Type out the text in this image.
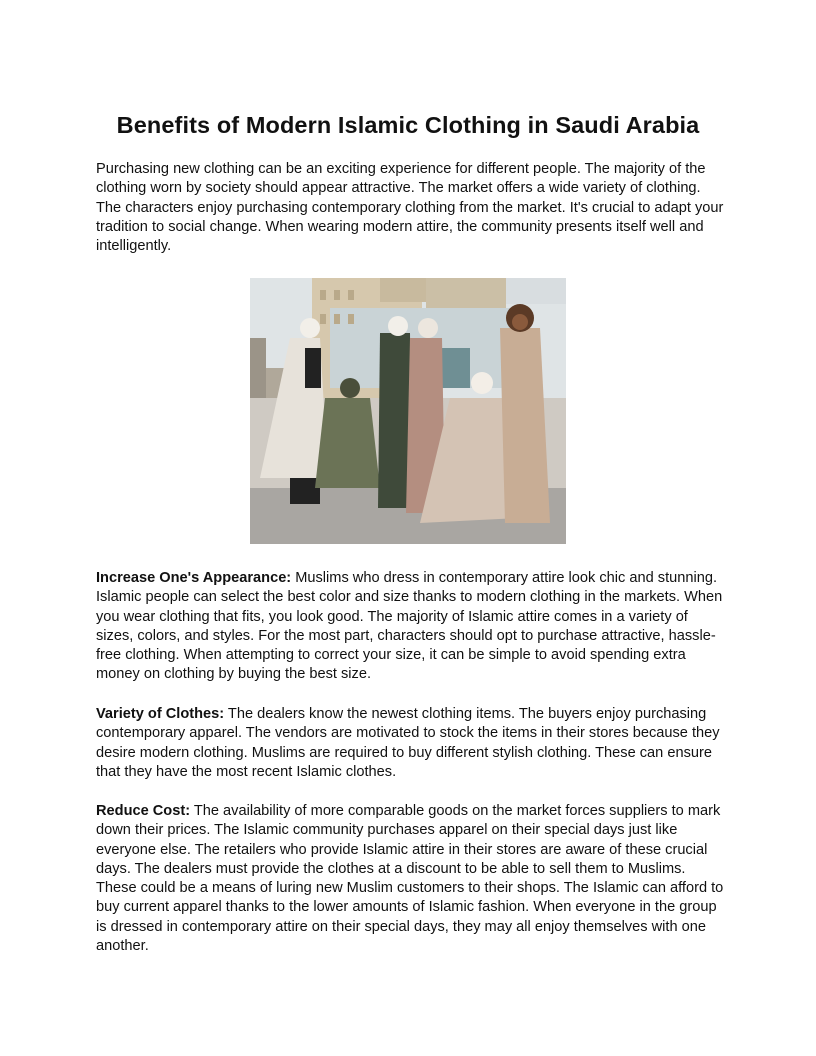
Benefits of Modern Islamic Clothing in Saudi Arabia

Purchasing new clothing can be an exciting experience for different people. The majority of the clothing worn by society should appear attractive. The market offers a wide variety of clothing. The characters enjoy purchasing contemporary clothing from the market. It's crucial to adapt your tradition to social change. When wearing modern attire, the community presents itself well and intelligently.

Increase One's Appearance: Muslims who dress in contemporary attire look chic and stunning. Islamic people can select the best color and size thanks to modern clothing in the markets. When you wear clothing that fits, you look good. The majority of Islamic attire comes in a variety of sizes, colors, and styles. For the most part, characters should opt to purchase attractive, hassle-free clothing. When attempting to correct your size, it can be simple to avoid spending extra money on clothing by buying the best size.

Variety of Clothes: The dealers know the newest clothing items. The buyers enjoy purchasing contemporary apparel. The vendors are motivated to stock the items in their stores because they desire modern clothing. Muslims are required to buy different stylish clothing. These can ensure that they have the most recent Islamic clothes.

Reduce Cost: The availability of more comparable goods on the market forces suppliers to mark down their prices. The Islamic community purchases apparel on their special days just like everyone else. The retailers who provide Islamic attire in their stores are aware of these crucial days. The dealers must provide the clothes at a discount to be able to sell them to Muslims. These could be a means of luring new Muslim customers to their shops. The Islamic can afford to buy current apparel thanks to the lower amounts of Islamic fashion. When everyone in the group is dressed in contemporary attire on their special days, they may all enjoy themselves with one another.
